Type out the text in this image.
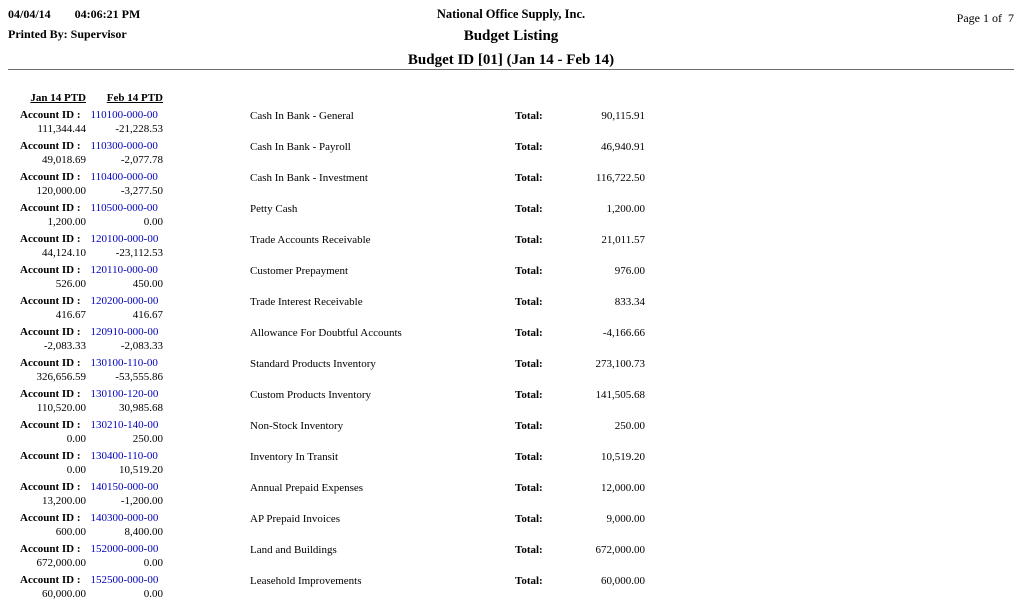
04/04/14 04:06:21 PM
Printed By: Supervisor
National Office Supply, Inc.
Budget Listing
Budget ID [01] (Jan 14 - Feb 14)
Page 1 of  7
Jan 14 PTD	Feb 14 PTD
Account ID : 110100-000-00
111,344.44	-21,228.53
Cash In Bank - General	Total:	90,115.91
Account ID : 110300-000-00
49,018.69	-2,077.78
Cash In Bank - Payroll	Total:	46,940.91
Account ID : 110400-000-00
120,000.00	-3,277.50
Cash In Bank - Investment	Total:	116,722.50
Account ID : 110500-000-00
1,200.00	0.00
Petty Cash	Total:	1,200.00
Account ID : 120100-000-00
44,124.10	-23,112.53
Trade Accounts Receivable	Total:	21,011.57
Account ID : 120110-000-00
526.00	450.00
Customer Prepayment	Total:	976.00
Account ID : 120200-000-00
416.67	416.67
Trade Interest Receivable	Total:	833.34
Account ID : 120910-000-00
-2,083.33	-2,083.33
Allowance For Doubtful Accounts	Total:	-4,166.66
Account ID : 130100-110-00
326,656.59	-53,555.86
Standard Products Inventory	Total:	273,100.73
Account ID : 130100-120-00
110,520.00	30,985.68
Custom Products Inventory	Total:	141,505.68
Account ID : 130210-140-00
0.00	250.00
Non-Stock Inventory	Total:	250.00
Account ID : 130400-110-00
0.00	10,519.20
Inventory In Transit	Total:	10,519.20
Account ID : 140150-000-00
13,200.00	-1,200.00
Annual Prepaid Expenses	Total:	12,000.00
Account ID : 140300-000-00
600.00	8,400.00
AP Prepaid Invoices	Total:	9,000.00
Account ID : 152000-000-00
672,000.00	0.00
Land and Buildings	Total:	672,000.00
Account ID : 152500-000-00
60,000.00	0.00
Leasehold Improvements	Total:	60,000.00
